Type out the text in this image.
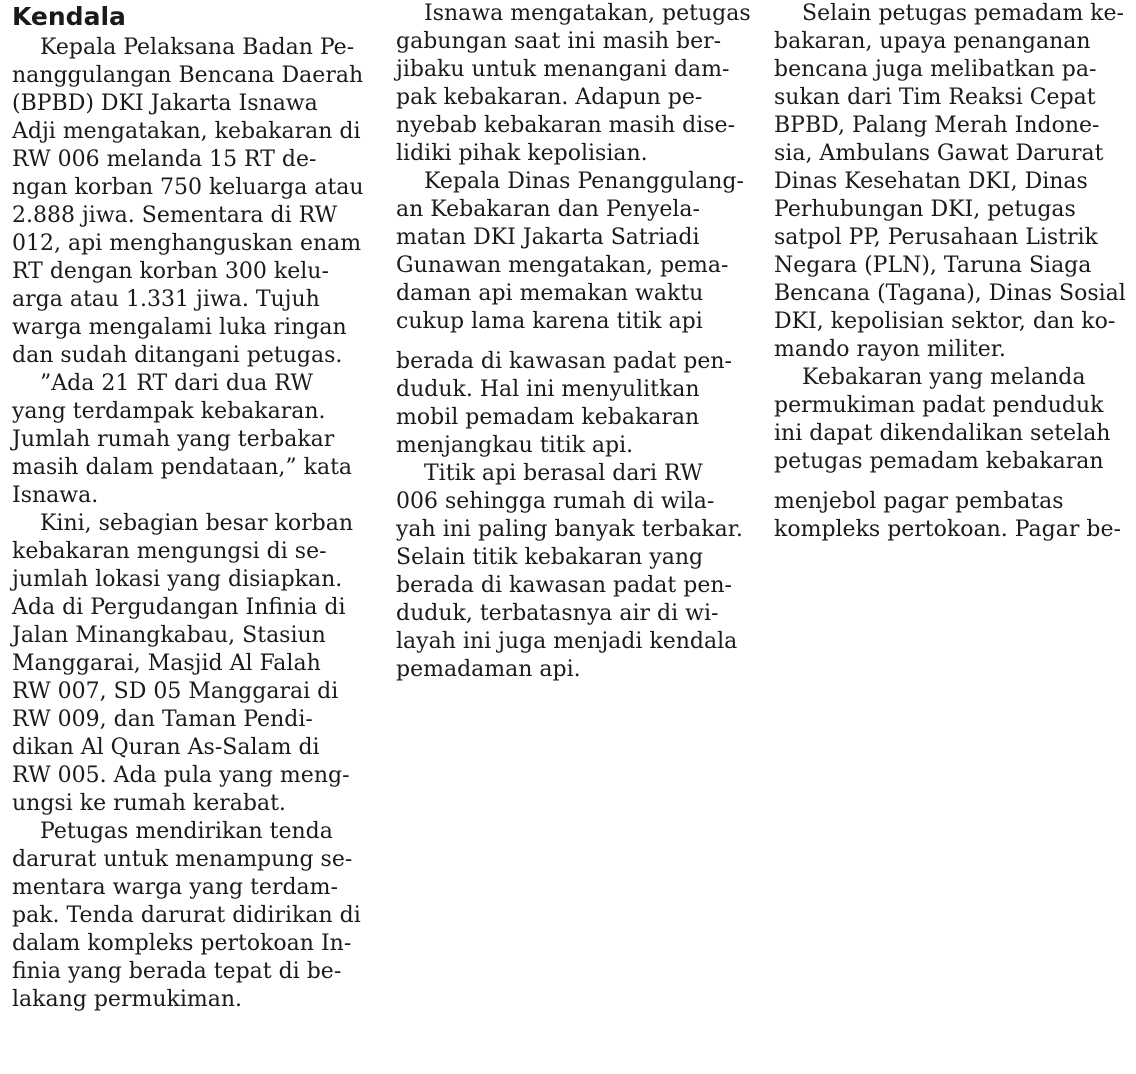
Kendala
Kepala Pelaksana Badan Pe-
nanggulangan Bencana Daerah
(BPBD) DKI Jakarta Isnawa
Adji mengatakan, kebakaran di
RW 006 melanda 15 RT de-
ngan korban 750 keluarga atau
2.888 jiwa. Sementara di RW
012, api menghanguskan enam
RT dengan korban 300 kelu-
arga atau 1.331 jiwa. Tujuh
warga mengalami luka ringan
dan sudah ditangani petugas.
”Ada 21 RT dari dua RW
yang terdampak kebakaran.
Jumlah rumah yang terbakar
masih dalam pendataan,” kata
Isnawa.
Kini, sebagian besar korban
kebakaran mengungsi di se-
jumlah lokasi yang disiapkan.
Ada di Pergudangan Infinia di
Jalan Minangkabau, Stasiun
Manggarai, Masjid Al Falah
RW 007, SD 05 Manggarai di
RW 009, dan Taman Pendi-
dikan Al Quran As-Salam di
RW 005. Ada pula yang meng-
ungsi ke rumah kerabat.
Petugas mendirikan tenda
darurat untuk menampung se-
mentara warga yang terdam-
pak. Tenda darurat didirikan di
dalam kompleks pertokoan In-
finia yang berada tepat di be-
lakang permukiman.
Isnawa mengatakan, petugas
gabungan saat ini masih ber-
jibaku untuk menangani dam-
pak kebakaran. Adapun pe-
nyebab kebakaran masih dise-
lidiki pihak kepolisian.
Kepala Dinas Penanggulang-
an Kebakaran dan Penyela-
matan DKI Jakarta Satriadi
Gunawan mengatakan, pema-
daman api memakan waktu
cukup lama karena titik api
berada di kawasan padat pen-
duduk. Hal ini menyulitkan
mobil pemadam kebakaran
menjangkau titik api.
Titik api berasal dari RW
006 sehingga rumah di wila-
yah ini paling banyak terbakar.
Selain titik kebakaran yang
berada di kawasan padat pen-
duduk, terbatasnya air di wi-
layah ini juga menjadi kendala
pemadaman api.
Selain petugas pemadam ke-
bakaran, upaya penanganan
bencana juga melibatkan pa-
sukan dari Tim Reaksi Cepat
BPBD, Palang Merah Indone-
sia, Ambulans Gawat Darurat
Dinas Kesehatan DKI, Dinas
Perhubungan DKI, petugas
satpol PP, Perusahaan Listrik
Negara (PLN), Taruna Siaga
Bencana (Tagana), Dinas Sosial
DKI, kepolisian sektor, dan ko-
mando rayon militer.
Kebakaran yang melanda
permukiman padat penduduk
ini dapat dikendalikan setelah
petugas pemadam kebakaran
menjebol pagar pembatas
kompleks pertokoan. Pagar be-
